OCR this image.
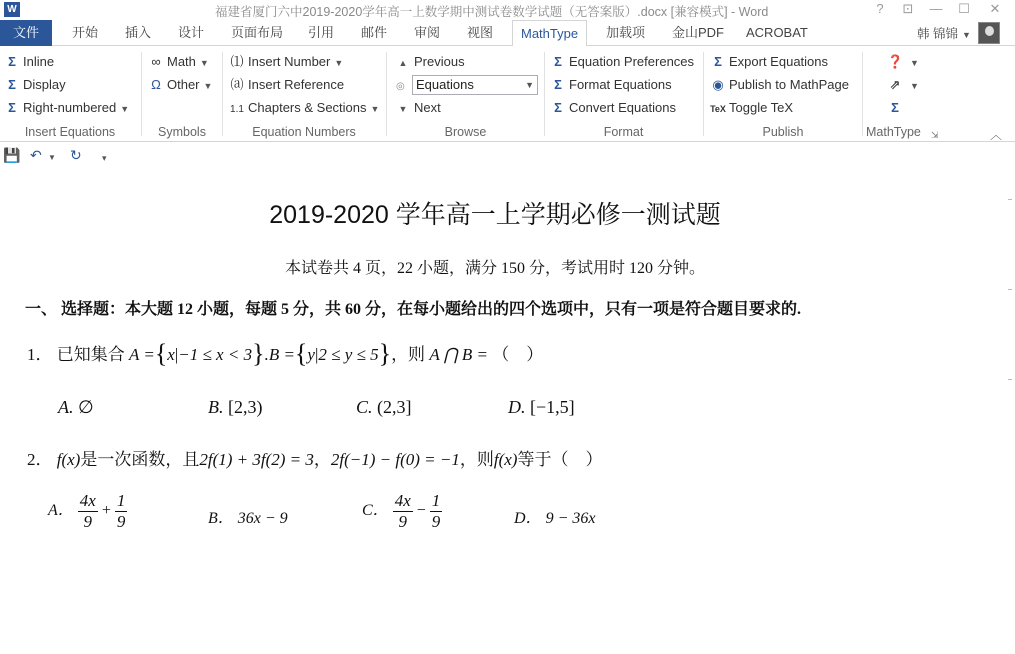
W	福建省厦门六中2019-2020学年高一上数学期中测试卷数学试题（无答案版）.docx [兼容模式] - Word	?	⊡	—	☐	✕
文件	开始 插入 设计 页面布局 引用 邮件 审阅 视图	MathType	加载项 金山PDF ACROBAT	韩 锦锦 ▼
Σ Inline
Σ Display
Σ Right-numbered ▼
Insert Equations
∞ Math ▼
Ω Other ▼
Symbols
⑴ Insert Number ▼
⒜ Insert Reference
1.1 Chapters & Sections ▼
Equation Numbers
▲ Previous
▼ Next
Browse
◎ Equations	▼
Σ Equation Preferences
Σ Format Equations
Σ Convert Equations
Format
Σ Export Equations
◉ Publish to MathPage
TeX Toggle TeX
Publish
❓ ▼
⇗ ▼
Σ
MathType	⇲	︿
💾 ↶ ▼ ↻ ▾
2019-2020 学年高一上学期必修一测试题
本试卷共 4 页，22 小题，满分 150 分，考试用时 120 分钟。
一、 选择题：本大题 12 小题，每题 5 分，共 60 分，在每小题给出的四个选项中，只有一项是符合题目要求的.
1． 已知集合 A ={x|−1 ≤ x < 3}.B ={y|2 ≤ y ≤ 5}，则 A ⋂ B = （　）
A. ∅	B. [2,3)	C. (2,3]	D. [−1,5]
2． f(x)是一次函数，且2f(1) + 3f(2) = 3，2f(−1) − f(0) = −1，则f(x)等于（　）
A． $\frac{4x}{9} + \frac{1}{9}$	B． 36x − 9	C． $\frac{4x}{9} - \frac{1}{9}$	D． 9 − 36x
